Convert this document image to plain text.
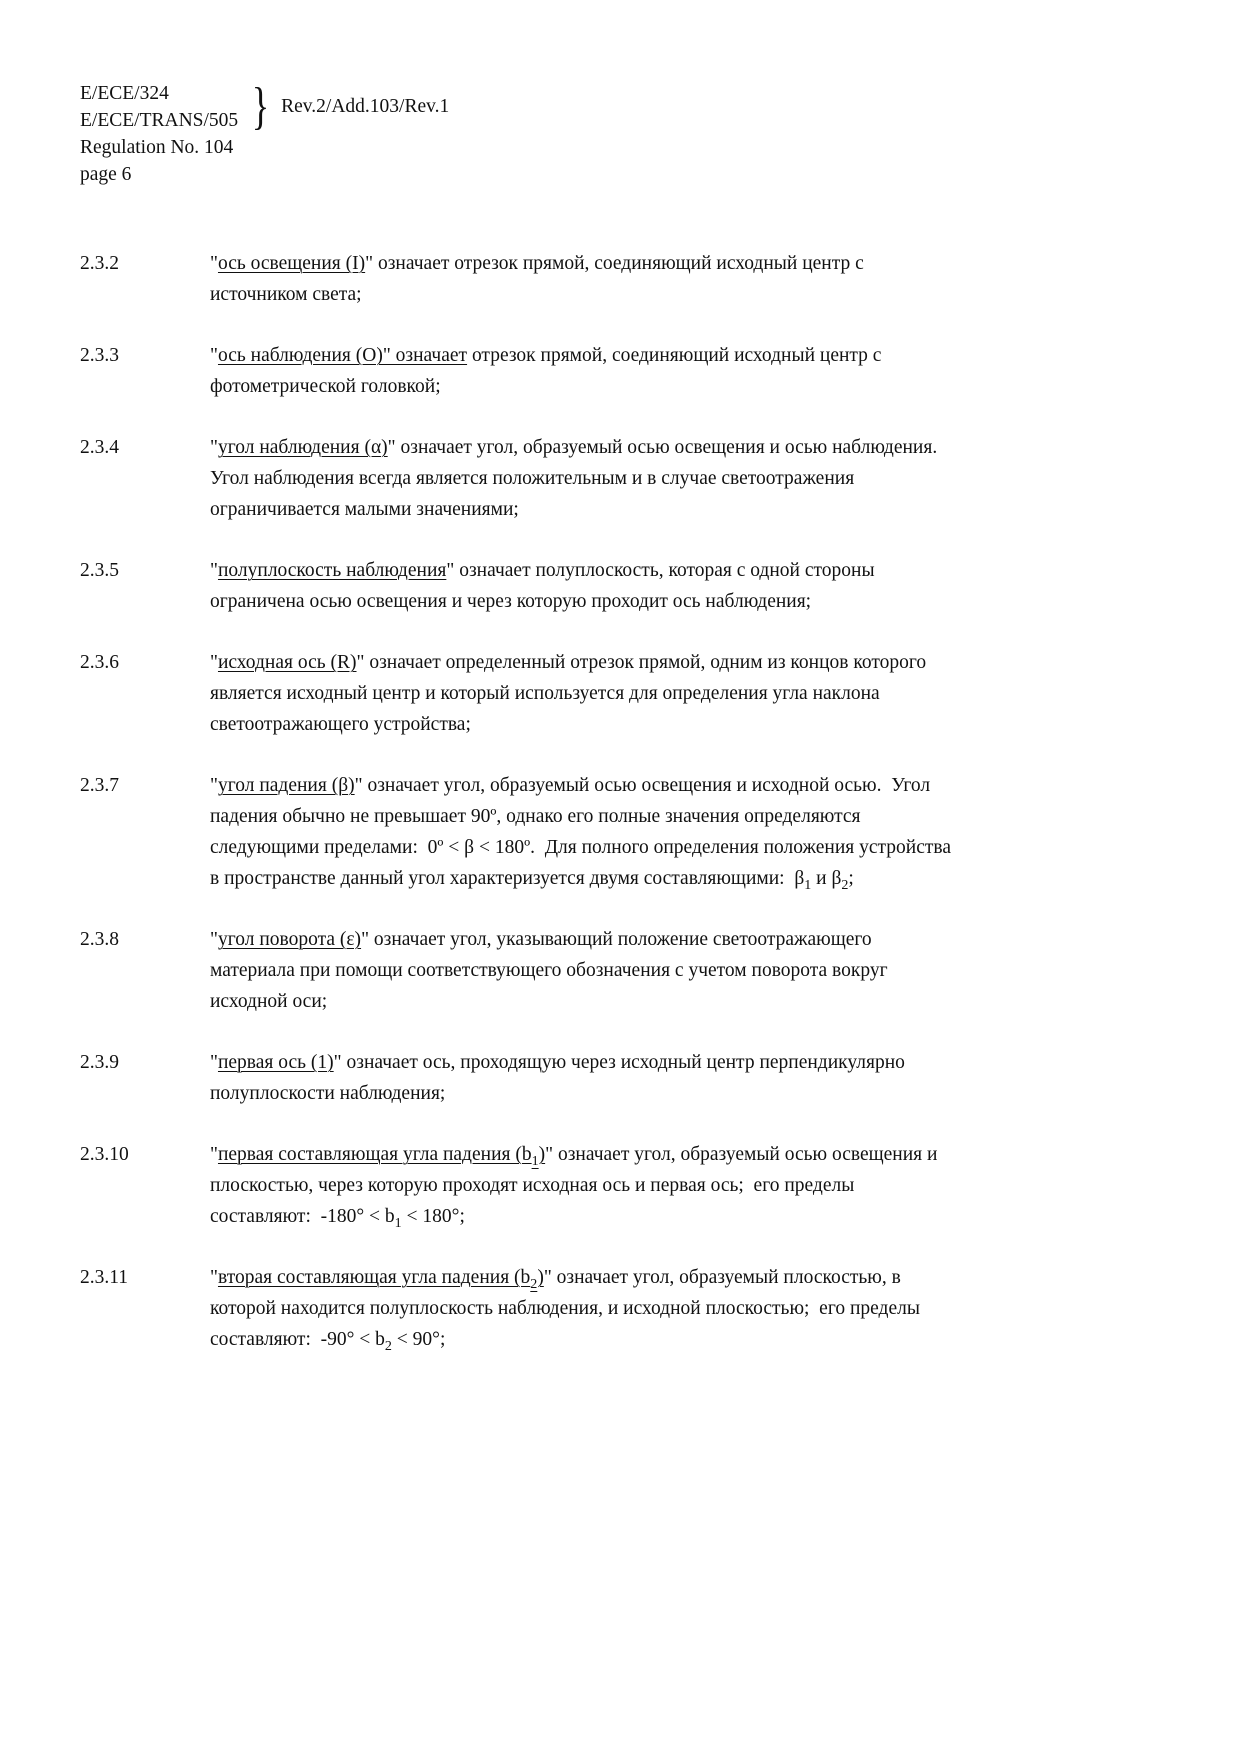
E/ECE/324
E/ECE/TRANS/505 } Rev.2/Add.103/Rev.1
Regulation No. 104
page 6
2.3.2	"ось освещения (I)" означает отрезок прямой, соединяющий исходный центр с источником света;
2.3.3	"ось наблюдения (O)" означает отрезок прямой, соединяющий исходный центр с фотометрической головкой;
2.3.4	"угол наблюдения (α)" означает угол, образуемый осью освещения и осью наблюдения.  Угол наблюдения всегда является положительным и в случае светоотражения ограничивается малыми значениями;
2.3.5	"полуплоскость наблюдения" означает полуплоскость, которая с одной стороны ограничена осью освещения и через которую проходит ось наблюдения;
2.3.6	"исходная ось (R)" означает определенный отрезок прямой, одним из концов которого является исходный центр и который используется для определения угла наклона светоотражающего устройства;
2.3.7	"угол падения (β)" означает угол, образуемый осью освещения и исходной осью.  Угол падения обычно не превышает 90º, однако его полные значения определяются следующими пределами:  0º < β < 180º.  Для полного определения положения устройства в пространстве данный угол характеризуется двумя составляющими:  $\beta_1$ и $\beta_2$;
2.3.8	"угол поворота (ε)" означает угол, указывающий положение светоотражающего материала при помощи соответствующего обозначения с учетом поворота вокруг исходной оси;
2.3.9	"первая ось (1)" означает ось, проходящую через исходный центр перпендикулярно полуплоскости наблюдения;
2.3.10	"первая составляющая угла падения $(b_1)$" означает угол, образуемый осью освещения и плоскостью, через которую проходят исходная ось и первая ось;  его пределы составляют:  $-180^\circ < b_1 < 180^\circ$;
2.3.11	"вторая составляющая угла падения $(b_2)$" означает угол, образуемый плоскостью, в которой находится полуплоскость наблюдения, и исходной плоскостью;  его пределы составляют:  $-90^\circ < b_2 < 90^\circ$;
